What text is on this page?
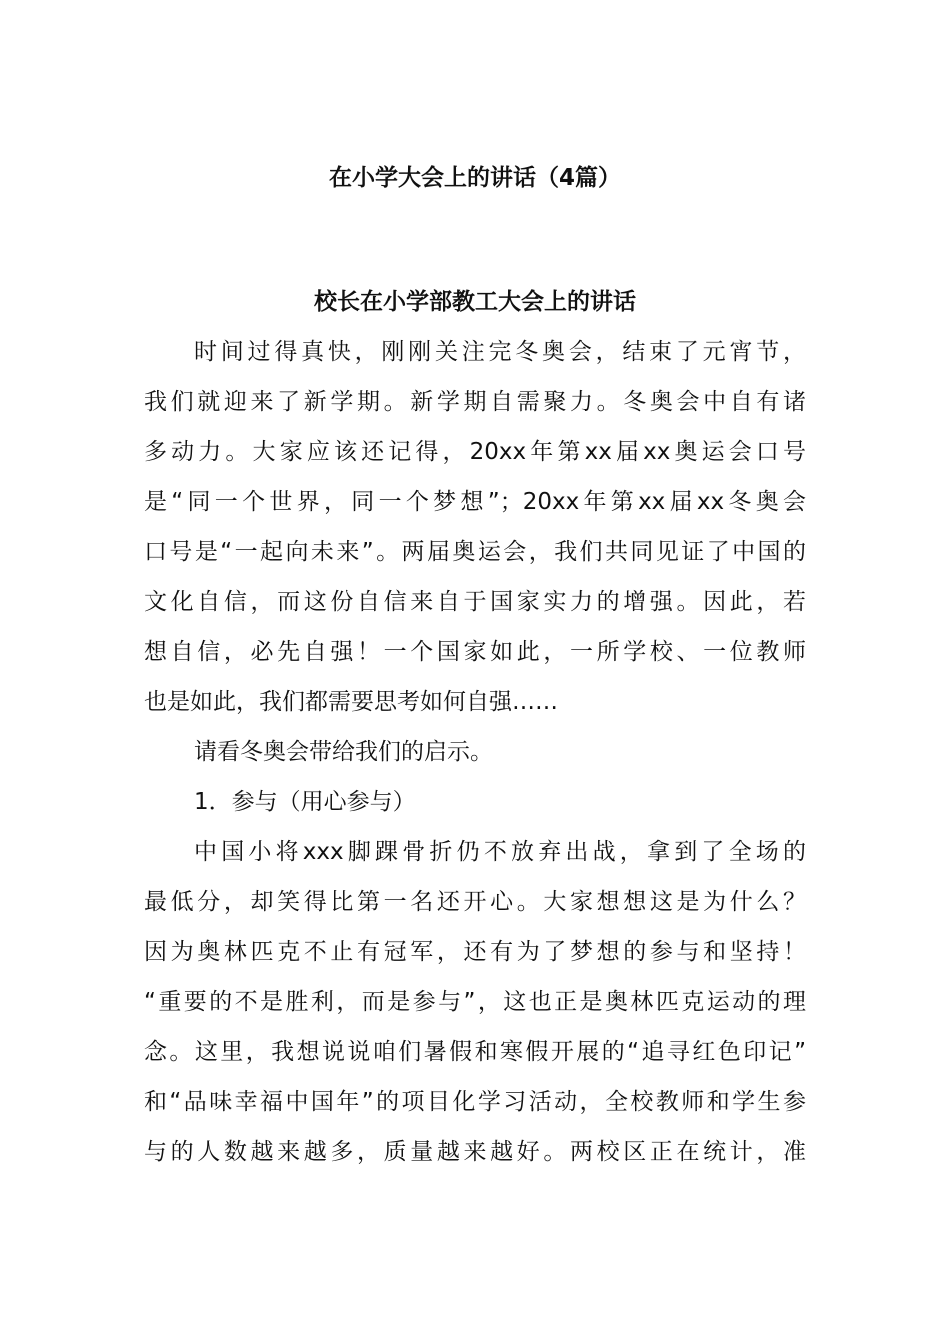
在小学大会上的讲话（4篇）
校长在小学部教工大会上的讲话
时间过得真快，刚刚关注完冬奥会，结束了元宵节，
我们就迎来了新学期。新学期自需聚力。冬奥会中自有诸
多动力。大家应该还记得，20xx年第xx届xx奥运会口号
是“同一个世界，同一个梦想”；20xx年第xx届xx冬奥会
口号是“一起向未来”。两届奥运会，我们共同见证了中国的
文化自信，而这份自信来自于国家实力的增强。因此，若
想自信，必先自强！一个国家如此，一所学校、一位教师
也是如此，我们都需要思考如何自强……
请看冬奥会带给我们的启示。
1．参与（用心参与）
中国小将xxx脚踝骨折仍不放弃出战，拿到了全场的
最低分，却笑得比第一名还开心。大家想想这是为什么？
因为奥林匹克不止有冠军，还有为了梦想的参与和坚持！
“重要的不是胜利，而是参与”，这也正是奥林匹克运动的理
念。这里，我想说说咱们暑假和寒假开展的“追寻红色印记”
和“品味幸福中国年”的项目化学习活动，全校教师和学生参
与的人数越来越多，质量越来越好。两校区正在统计，准
